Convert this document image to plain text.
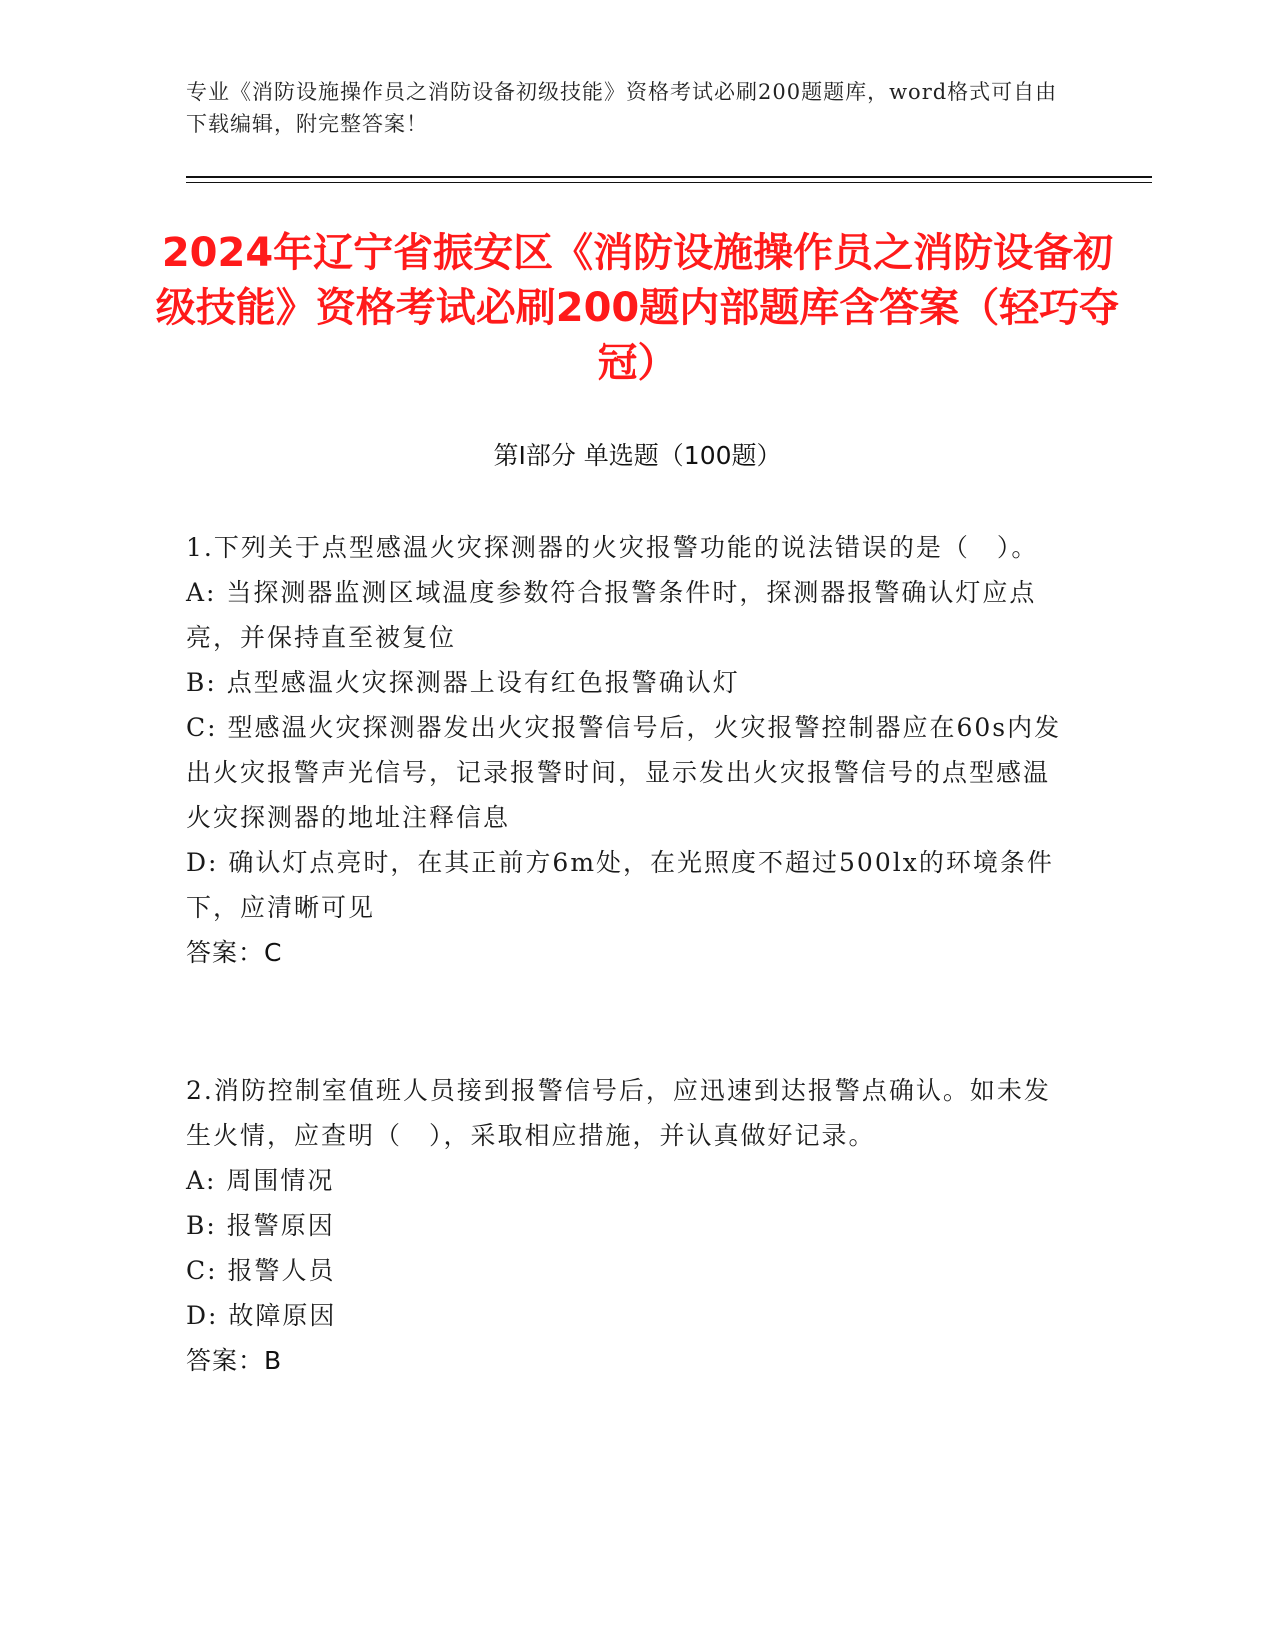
专业《消防设施操作员之消防设备初级技能》资格考试必刷200题题库，word格式可自由下载编辑，附完整答案！
2024年辽宁省振安区《消防设施操作员之消防设备初级技能》资格考试必刷200题内部题库含答案（轻巧夺冠）
第I部分 单选题（100题）

1.下列关于点型感温火灾探测器的火灾报警功能的说法错误的是（　）。

A: 当探测器监测区域温度参数符合报警条件时，探测器报警确认灯应点亮，并保持直至被复位

B: 点型感温火灾探测器上设有红色报警确认灯

C: 型感温火灾探测器发出火灾报警信号后，火灾报警控制器应在60s内发出火灾报警声光信号，记录报警时间，显示发出火灾报警信号的点型感温火灾探测器的地址注释信息

D: 确认灯点亮时，在其正前方6m处，在光照度不超过500lx的环境条件下，应清晰可见

答案：C

2.消防控制室值班人员接到报警信号后，应迅速到达报警点确认。如未发生火情，应查明（　），采取相应措施，并认真做好记录。

A: 周围情况

B: 报警原因

C: 报警人员

D: 故障原因

答案：B
